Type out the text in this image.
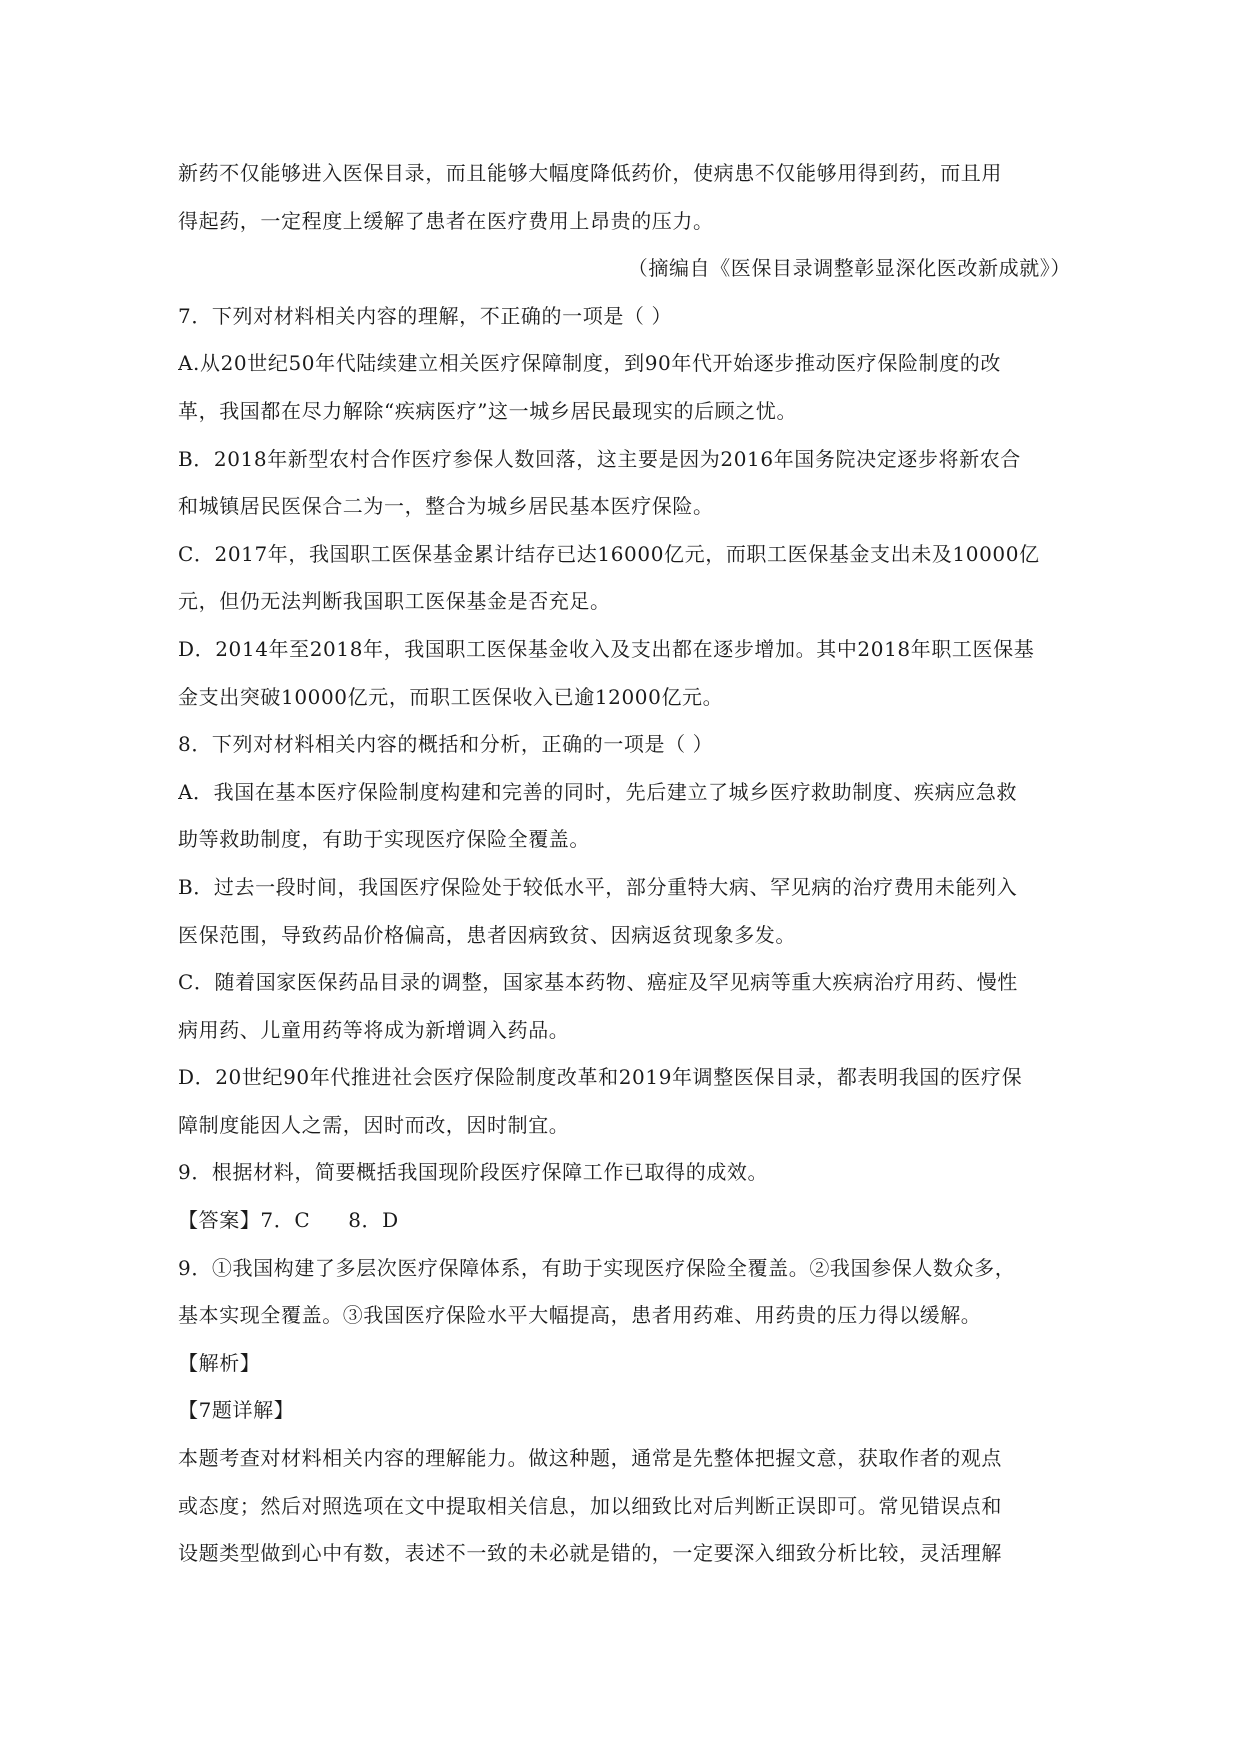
新药不仅能够进入医保目录，而且能够大幅度降低药价，使病患不仅能够用得到药，而且用
得起药，一定程度上缓解了患者在医疗费用上昂贵的压力。
（摘编自《医保目录调整彰显深化医改新成就》）
7．下列对材料相关内容的理解，不正确的一项是（ ）
A.从20世纪50年代陆续建立相关医疗保障制度，到90年代开始逐步推动医疗保险制度的改
革，我国都在尽力解除“疾病医疗”这一城乡居民最现实的后顾之忧。
B．2018年新型农村合作医疗参保人数回落，这主要是因为2016年国务院决定逐步将新农合
和城镇居民医保合二为一，整合为城乡居民基本医疗保险。
C．2017年，我国职工医保基金累计结存已达16000亿元，而职工医保基金支出未及10000亿
元，但仍无法判断我国职工医保基金是否充足。
D．2014年至2018年，我国职工医保基金收入及支出都在逐步增加。其中2018年职工医保基
金支出突破10000亿元，而职工医保收入已逾12000亿元。
8．下列对材料相关内容的概括和分析，正确的一项是（ ）
A．我国在基本医疗保险制度构建和完善的同时，先后建立了城乡医疗救助制度、疾病应急救
助等救助制度，有助于实现医疗保险全覆盖。
B．过去一段时间，我国医疗保险处于较低水平，部分重特大病、罕见病的治疗费用未能列入
医保范围，导致药品价格偏高，患者因病致贫、因病返贫现象多发。
C．随着国家医保药品目录的调整，国家基本药物、癌症及罕见病等重大疾病治疗用药、慢性
病用药、儿童用药等将成为新增调入药品。
D．20世纪90年代推进社会医疗保险制度改革和2019年调整医保目录，都表明我国的医疗保
障制度能因人之需，因时而改，因时制宜。
9．根据材料，简要概括我国现阶段医疗保障工作已取得的成效。
【答案】7．C 8．D
9．①我国构建了多层次医疗保障体系，有助于实现医疗保险全覆盖。②我国参保人数众多，
基本实现全覆盖。③我国医疗保险水平大幅提高，患者用药难、用药贵的压力得以缓解。
【解析】
【7题详解】
本题考查对材料相关内容的理解能力。做这种题，通常是先整体把握文意，获取作者的观点
或态度；然后对照选项在文中提取相关信息，加以细致比对后判断正误即可。常见错误点和
设题类型做到心中有数，表述不一致的未必就是错的，一定要深入细致分析比较，灵活理解
